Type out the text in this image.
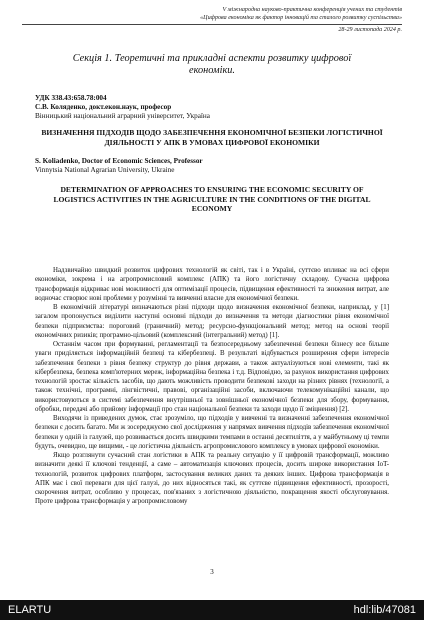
V міжнародна науково-практична конференція учених та студентів
«Цифрова економіка як фактор інновацій та сталого розвитку суспільства»
28-29 листопада 2024 р.
Секція 1. Теоретичні та прикладні аспекти розвитку цифрової економіки.
УДК 338.43:658.78:004
С.В. Коляденко, докт.екон.наук, професор
Вінницький національний аграрний університет, Україна
ВИЗНАЧЕННЯ ПІДХОДІВ ЩОДО ЗАБЕЗПЕЧЕННЯ ЕКОНОМІЧНОЇ БЕЗПЕКИ ЛОГІСТИЧНОЇ ДІЯЛЬНОСТІ У АПК В УМОВАХ ЦИФРОВОЇ ЕКОНОМІКИ
S. Koliadenko, Doctor of Economic Sciences, Professor
Vinnytsia National Agrarian University, Ukraine
DETERMINATION OF APPROACHES TO ENSURING THE ECONOMIC SECURITY OF LOGISTICS ACTIVITIES IN THE AGRICULTURE IN THE CONDITIONS OF THE DIGITAL ECONOMY

Надзвичайно швидкий розвиток цифрових технологій як світі, так і в Україні, суттєво впливає на всі сфери економіки, зокрема і на агропромисловий комплекс (АПК) та його логістичну складову. Сучасна цифрова трансформація відкриває нові можливості для оптимізації процесів, підвищення ефективності та зниження витрат, але водночас створює нові проблеми у розумінні та вивченні власне для економічної безпеки.

В економічній літературі визначаються різні підходи щодо визначення економічної безпеки, наприклад, у [1] загалом пропонується виділити наступні основні підходи до визначення та методи діагностики рівня економічної безпеки підприємства: пороговий (граничний) метод; ресурсно-функціональний метод; метод на основі теорії економічних ризиків; програмно-цільовий (комплексний (інтегральний) метод) [1].

Останнім часом при формуванні, регламентації та безпосередньому забезпеченні безпеки бізнесу все більше уваги приділяється інформаційній безпеці та кібербезпеці. В результаті відбувається розширення сфери інтересів забезпечення безпеки з рівня безпеку структур до рівня держави, а також актуалізуються нові елементи, такі як кібербезпека, безпека комп'ютерних мереж, інформаційна безпека і т.д. Відповідно, за рахунок використання цифрових технологій зростає кількість засобів, що дають можливість проводити безпекові заходи на різних рівнях (технології, а також технічні, програмні, лінгвістичні, правові, організаційні засоби, включаючи телекомунікаційні канали, що використовуються в системі забезпечення внутрішньої та зовнішньої економічної безпеки для збору, формування, обробки, передачі або прийому інформації про стан національної безпеки та заходи щодо її зміцнення) [2].

Виходячи із приведених думок, стає зрозуміло, що підходів у вивченні та визначенні забезпечення економічної безпеки є досить багато. Ми ж зосереджуємо свої дослідження у напрямах вивчення підходів забезпечення економічної безпеки у одній із галузей, що розвивається досить швидкими темпами в останні десятиліття, а у майбутньому ці темпи будуть, очевидно, ще вищими, - це логістична діяльність агропромислового комплексу в умовах цифрової економіки.

Якщо розглянути сучасний стан логістики в АПК та реальну ситуацію у її цифровій трансформації, можливо визначити деякі її ключові тенденції, а саме – автоматизація ключових процесів, досить широке використання IoT-технологій, розвиток цифрових платформ, застосування великих даних та деяких інших. Цифрова трансформація в АПК має і свої переваги для цієї галузі, до них відносяться такі, як суттєве підвищення ефективності, прозорості, скорочення витрат, особливо у процесах, пов'язаних з логістичною діяльністю, покращення якості обслуговування. Проте цифрова трансформація у агропромисловому

3
ELARTU	hdl:lib/47081
